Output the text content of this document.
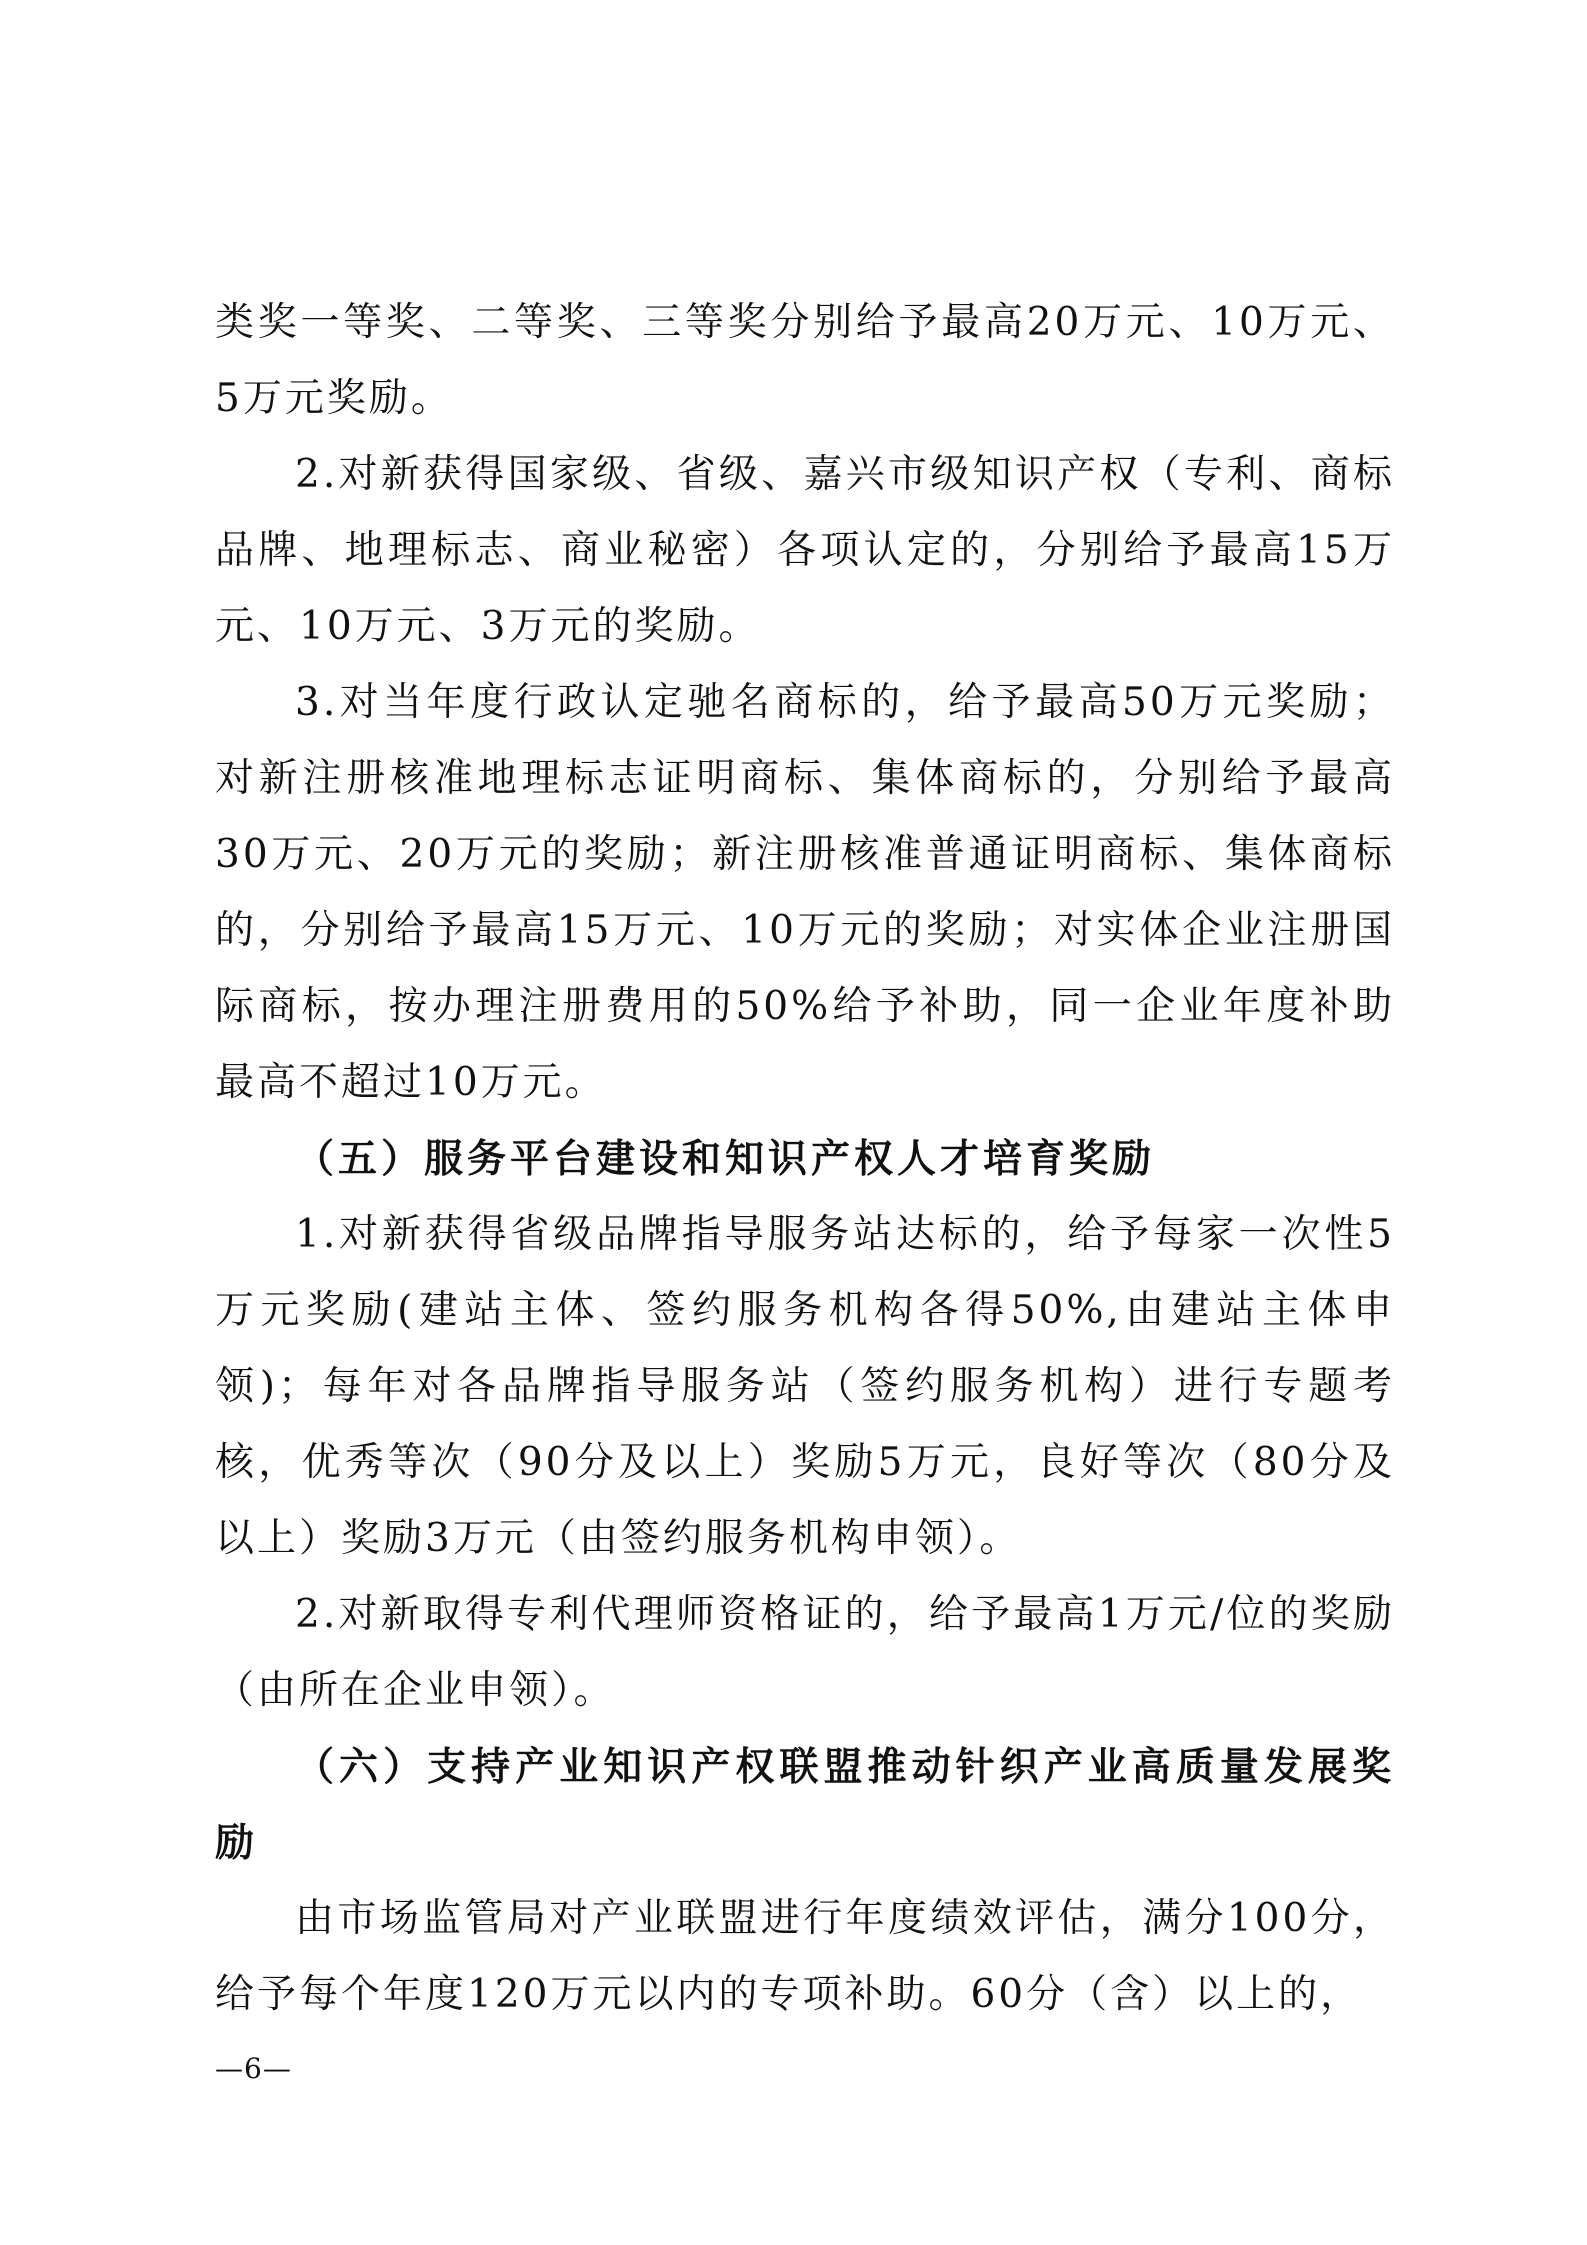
类奖一等奖、二等奖、三等奖分别给予最高20万元、10万元、5万元奖励。

2.对新获得国家级、省级、嘉兴市级知识产权（专利、商标品牌、地理标志、商业秘密）各项认定的，分别给予最高15万元、10万元、3万元的奖励。

3.对当年度行政认定驰名商标的，给予最高50万元奖励；对新注册核准地理标志证明商标、集体商标的，分别给予最高30万元、20万元的奖励；新注册核准普通证明商标、集体商标的，分别给予最高15万元、10万元的奖励；对实体企业注册国际商标，按办理注册费用的50%给予补助，同一企业年度补助最高不超过10万元。

（五）服务平台建设和知识产权人才培育奖励

1.对新获得省级品牌指导服务站达标的，给予每家一次性5万元奖励(建站主体、签约服务机构各得50%,由建站主体申领)；每年对各品牌指导服务站（签约服务机构）进行专题考核，优秀等次（90分及以上）奖励5万元，良好等次（80分及以上）奖励3万元（由签约服务机构申领）。

2.对新取得专利代理师资格证的，给予最高1万元/位的奖励（由所在企业申领）。

（六）支持产业知识产权联盟推动针织产业高质量发展奖励

由市场监管局对产业联盟进行年度绩效评估，满分100分，给予每个年度120万元以内的专项补助。60分（含）以上的，

—6—
